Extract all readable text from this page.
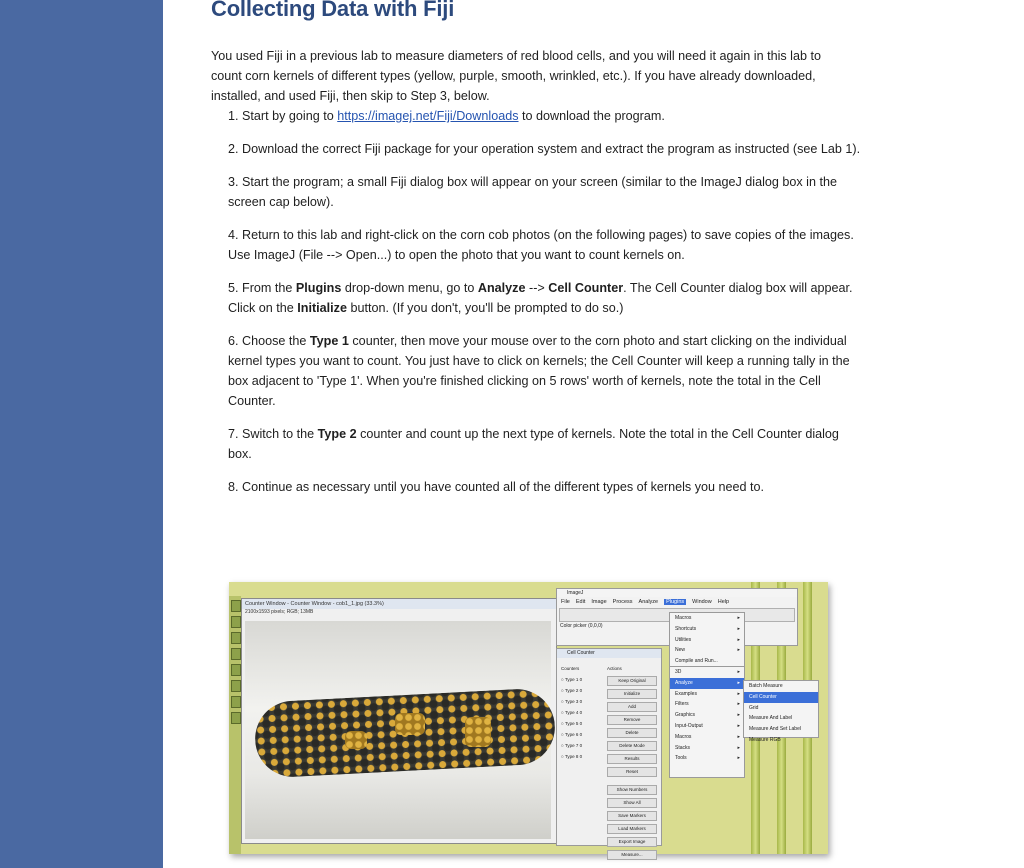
Collecting Data with Fiji

You used Fiji in a previous lab to measure diameters of red blood cells, and you will need it again in this lab to count corn kernels of different types (yellow, purple, smooth, wrinkled, etc.). If you have already downloaded, installed, and used Fiji, then skip to Step 3, below.

1. Start by going to https://imagej.net/Fiji/Downloads to download the program.
2. Download the correct Fiji package for your operation system and extract the program as instructed (see Lab 1).
3. Start the program; a small Fiji dialog box will appear on your screen (similar to the ImageJ dialog box in the screen cap below).
4. Return to this lab and right-click on the corn cob photos (on the following pages) to save copies of the images. Use ImageJ (File --> Open...) to open the photo that you want to count kernels on.
5. From the Plugins drop-down menu, go to Analyze --> Cell Counter. The Cell Counter dialog box will appear. Click on the Initialize button. (If you don't, you'll be prompted to do so.)
6. Choose the Type 1 counter, then move your mouse over to the corn photo and start clicking on the individual kernel types you want to count. You just have to click on kernels; the Cell Counter will keep a running tally in the box adjacent to 'Type 1'. When you're finished clicking on 5 rows' worth of kernels, note the total in the Cell Counter.
7. Switch to the Type 2 counter and count up the next type of kernels. Note the total in the Cell Counter dialog box.
8. Continue as necessary until you have counted all of the different types of kernels you need to.
Counter Window - Counter Window - cob1_1.jpg (33.3%)
2100x1593 pixels; RGB; 13MB
ImageJ
File Edit Image Process Analyze Plugins Window Help
Color picker (0,0,0)
Cell Counter
Counters
○ Type 1 0
○ Type 2 0
○ Type 3 0
○ Type 4 0
○ Type 5 0
○ Type 6 0
○ Type 7 0
○ Type 8 0
Actions
Keep Original
Initialize
Add
Remove
Delete
Delete Mode
Results
Reset
Show Numbers
Show All
Save Markers
Load Markers
Export Image
Measure...
Macros	▸
Shortcuts	▸
Utilities	▸
New	▸
Compile and Run...
3D	▸
Analyze	▸
Examples	▸
Filters	▸
Graphics	▸
Input-Output	▸
Macros	▸
Stacks	▸
Tools	▸
Batch Measure
Cell Counter
Grid
Measure And Label
Measure And Set Label
Measure RGB
